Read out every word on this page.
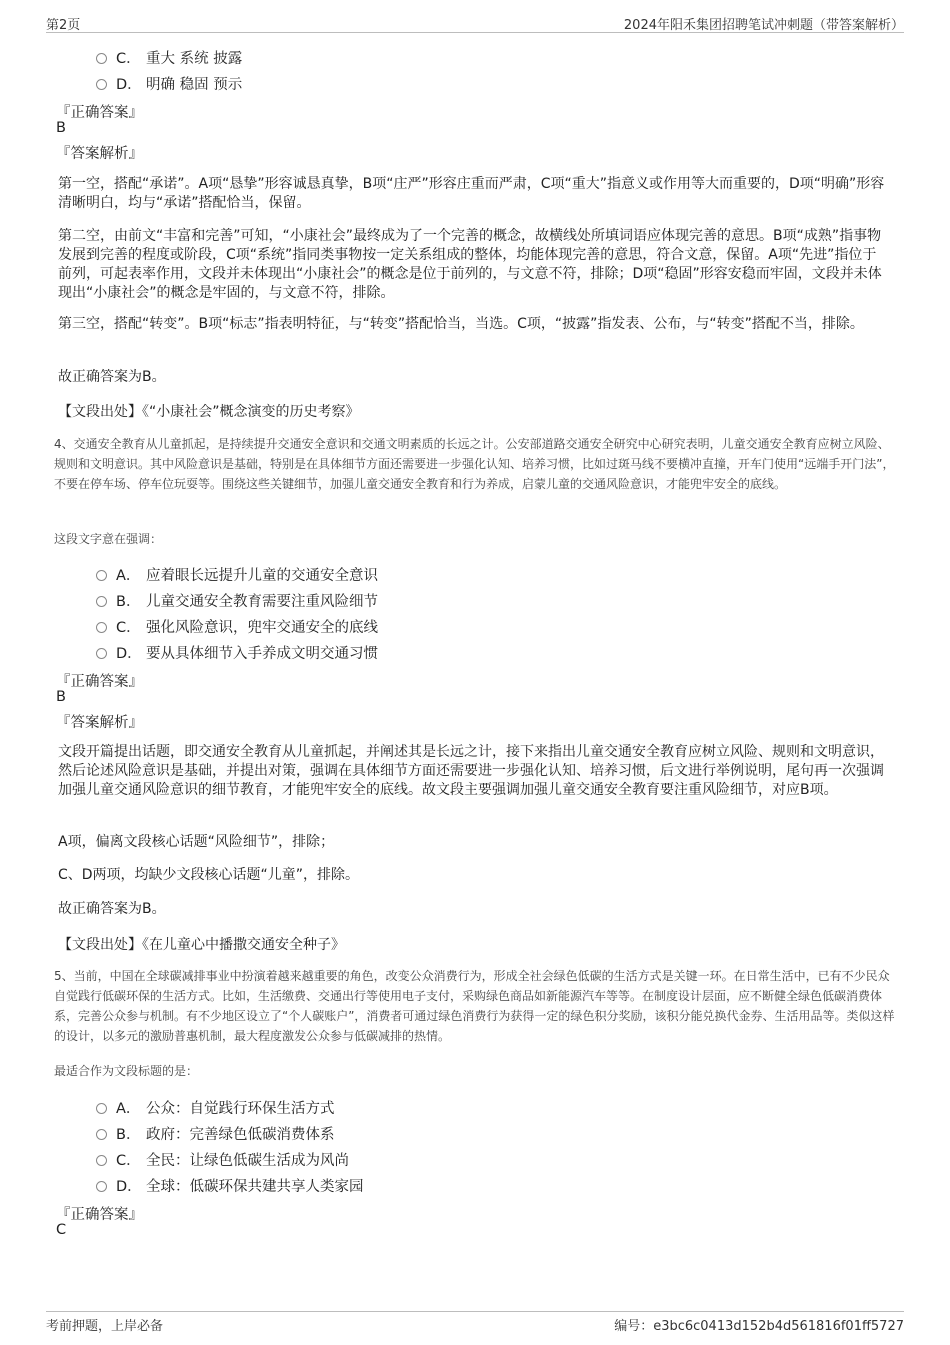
第2页	2024年阳禾集团招聘笔试冲刺题（带答案解析）
C． 重大 系统 披露
D． 明确 稳固 预示
『正确答案』
B
『答案解析』
第一空，搭配“承诺”。A项“恳挚”形容诚恳真挚，B项“庄严”形容庄重而严肃，C项“重大”指意义或作用等大而重要的，D项“明确”形容清晰明白，均与“承诺”搭配恰当，保留。
第二空，由前文“丰富和完善”可知，“小康社会”最终成为了一个完善的概念，故横线处所填词语应体现完善的意思。B项“成熟”指事物发展到完善的程度或阶段，C项“系统”指同类事物按一定关系组成的整体，均能体现完善的意思，符合文意，保留。A项“先进”指位于前列，可起表率作用，文段并未体现出“小康社会”的概念是位于前列的，与文意不符，排除；D项“稳固”形容安稳而牢固，文段并未体现出“小康社会”的概念是牢固的，与文意不符，排除。
第三空，搭配“转变”。B项“标志”指表明特征，与“转变”搭配恰当，当选。C项，“披露”指发表、公布，与“转变”搭配不当，排除。
故正确答案为B。
【文段出处】《“小康社会”概念演变的历史考察》
4、交通安全教育从儿童抓起，是持续提升交通安全意识和交通文明素质的长远之计。公安部道路交通安全研究中心研究表明，儿童交通安全教育应树立风险、规则和文明意识。其中风险意识是基础，特别是在具体细节方面还需要进一步强化认知、培养习惯，比如过斑马线不要横冲直撞，开车门使用“远端手开门法”，不要在停车场、停车位玩耍等。围绕这些关键细节，加强儿童交通安全教育和行为养成，启蒙儿童的交通风险意识，才能兜牢安全的底线。
这段文字意在强调：
A． 应着眼长远提升儿童的交通安全意识
B． 儿童交通安全教育需要注重风险细节
C． 强化风险意识，兜牢交通安全的底线
D． 要从具体细节入手养成文明交通习惯
『正确答案』
B
『答案解析』
文段开篇提出话题，即交通安全教育从儿童抓起，并阐述其是长远之计，接下来指出儿童交通安全教育应树立风险、规则和文明意识，然后论述风险意识是基础，并提出对策，强调在具体细节方面还需要进一步强化认知、培养习惯，后文进行举例说明，尾句再一次强调加强儿童交通风险意识的细节教育，才能兜牢安全的底线。故文段主要强调加强儿童交通安全教育要注重风险细节，对应B项。
A项，偏离文段核心话题“风险细节”，排除；
C、D两项，均缺少文段核心话题“儿童”，排除。
故正确答案为B。
【文段出处】《在儿童心中播撒交通安全种子》
5、当前，中国在全球碳减排事业中扮演着越来越重要的角色，改变公众消费行为，形成全社会绿色低碳的生活方式是关键一环。在日常生活中，已有不少民众自觉践行低碳环保的生活方式。比如，生活缴费、交通出行等使用电子支付，采购绿色商品如新能源汽车等等。在制度设计层面，应不断健全绿色低碳消费体系，完善公众参与机制。有不少地区设立了“个人碳账户”，消费者可通过绿色消费行为获得一定的绿色积分奖励，该积分能兑换代金券、生活用品等。类似这样的设计，以多元的激励普惠机制，最大程度激发公众参与低碳减排的热情。
最适合作为文段标题的是：
A． 公众：自觉践行环保生活方式
B． 政府：完善绿色低碳消费体系
C． 全民：让绿色低碳生活成为风尚
D． 全球：低碳环保共建共享人类家园
『正确答案』
C
考前押题，上岸必备	编号：e3bc6c0413d152b4d561816f01ff5727
